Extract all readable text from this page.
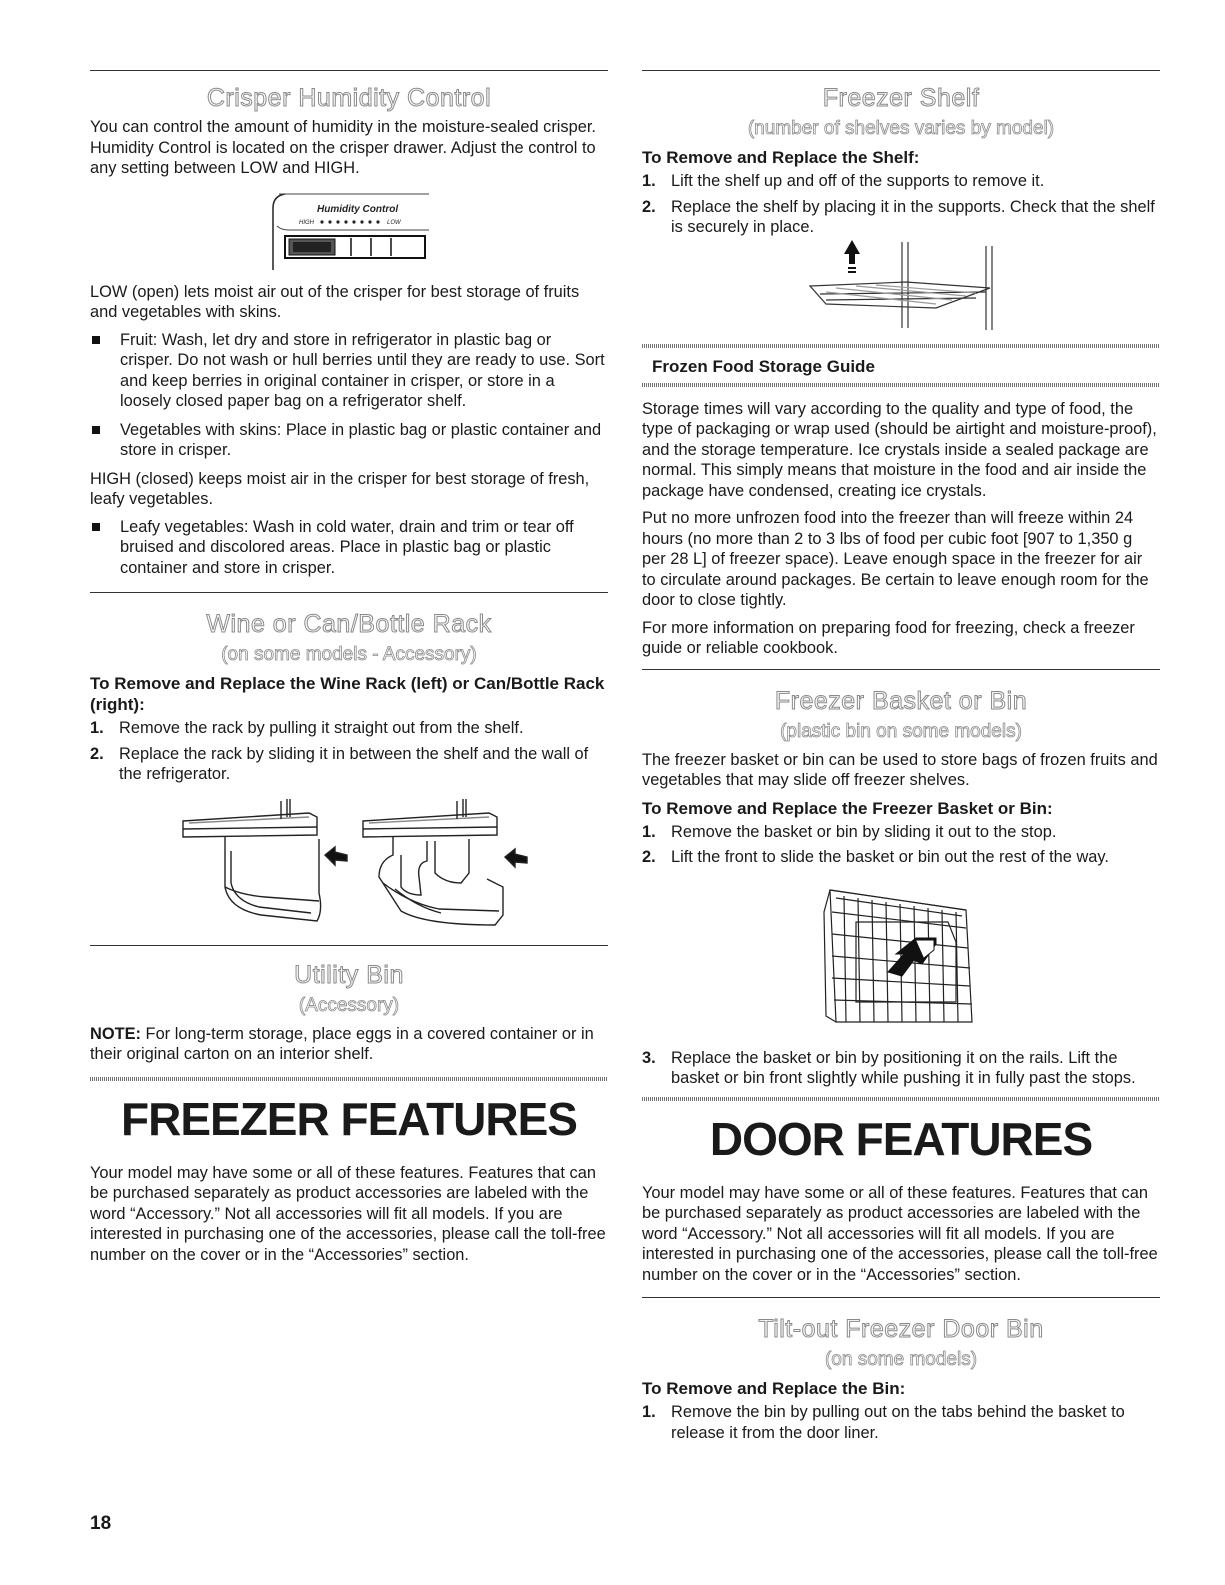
Crisper Humidity Control

You can control the amount of humidity in the moisture-sealed crisper. Humidity Control is located on the crisper drawer. Adjust the control to any setting between LOW and HIGH.

Humidity Control
HIGH	LOW

LOW (open) lets moist air out of the crisper for best storage of fruits and vegetables with skins.

Fruit: Wash, let dry and store in refrigerator in plastic bag or crisper. Do not wash or hull berries until they are ready to use. Sort and keep berries in original container in crisper, or store in a loosely closed paper bag on a refrigerator shelf.
Vegetables with skins: Place in plastic bag or plastic container and store in crisper.

HIGH (closed) keeps moist air in the crisper for best storage of fresh, leafy vegetables.

Leafy vegetables: Wash in cold water, drain and trim or tear off bruised and discolored areas. Place in plastic bag or plastic container and store in crisper.
Wine or Can/Bottle Rack
(on some models - Accessory)
To Remove and Replace the Wine Rack (left) or Can/Bottle Rack (right):
1. Remove the rack by pulling it straight out from the shelf.
2. Replace the rack by sliding it in between the shelf and the wall of the refrigerator.
Utility Bin
(Accessory)

NOTE: For long-term storage, place eggs in a covered container or in their original carton on an interior shelf.

FREEZER FEATURES

Your model may have some or all of these features. Features that can be purchased separately as product accessories are labeled with the word “Accessory.” Not all accessories will fit all models. If you are interested in purchasing one of the accessories, please call the toll-free number on the cover or in the “Accessories” section.

18
Freezer Shelf
(number of shelves varies by model)
To Remove and Replace the Shelf:
1. Lift the shelf up and off of the supports to remove it.
2. Replace the shelf by placing it in the supports. Check that the shelf is securely in place.
Frozen Food Storage Guide

Storage times will vary according to the quality and type of food, the type of packaging or wrap used (should be airtight and moisture-proof), and the storage temperature. Ice crystals inside a sealed package are normal. This simply means that moisture in the food and air inside the package have condensed, creating ice crystals.

Put no more unfrozen food into the freezer than will freeze within 24 hours (no more than 2 to 3 lbs of food per cubic foot [907 to 1,350 g per 28 L] of freezer space). Leave enough space in the freezer for air to circulate around packages. Be certain to leave enough room for the door to close tightly.

For more information on preparing food for freezing, check a freezer guide or reliable cookbook.

Freezer Basket or Bin
(plastic bin on some models)

The freezer basket or bin can be used to store bags of frozen fruits and vegetables that may slide off freezer shelves.

To Remove and Replace the Freezer Basket or Bin:
1. Remove the basket or bin by sliding it out to the stop.
2. Lift the front to slide the basket or bin out the rest of the way.
3. Replace the basket or bin by positioning it on the rails. Lift the basket or bin front slightly while pushing it in fully past the stops.
DOOR FEATURES

Your model may have some or all of these features. Features that can be purchased separately as product accessories are labeled with the word “Accessory.” Not all accessories will fit all models. If you are interested in purchasing one of the accessories, please call the toll-free number on the cover or in the “Accessories” section.

Tilt-out Freezer Door Bin
(on some models)
To Remove and Replace the Bin:
1. Remove the bin by pulling out on the tabs behind the basket to release it from the door liner.
